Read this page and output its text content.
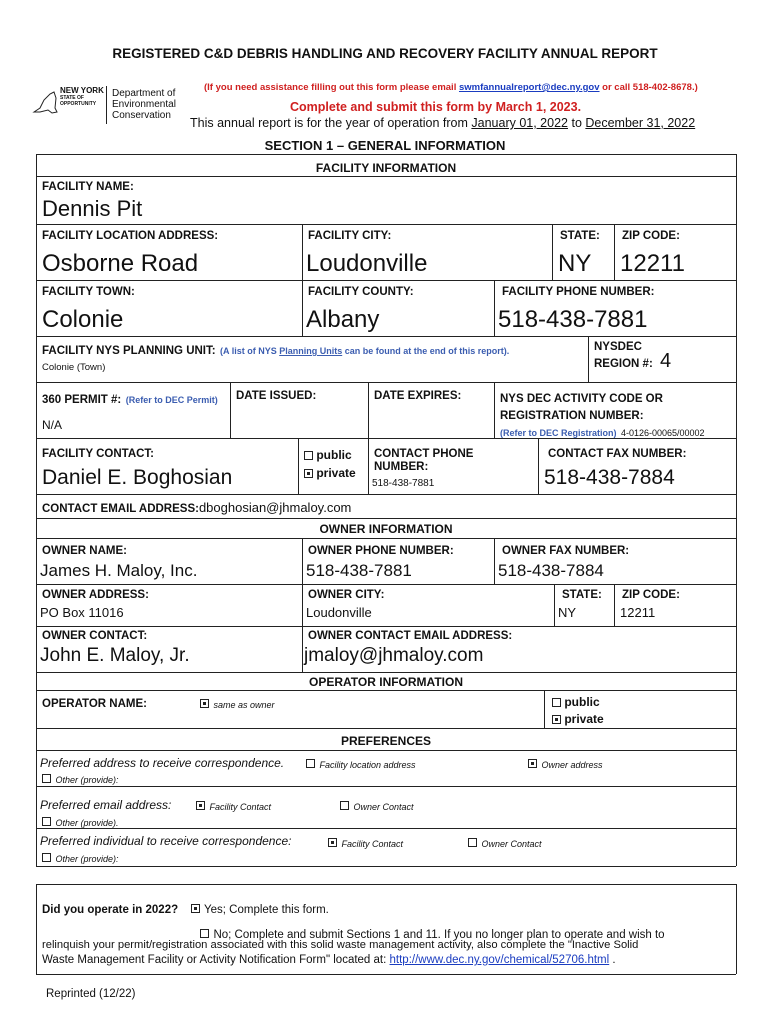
REGISTERED C&D DEBRIS HANDLING AND RECOVERY FACILITY ANNUAL REPORT
NEW YORK
STATE OF
OPPORTUNITY
Department of
Environmental
Conservation
(If you need assistance filling out this form please email swmfannualreport@dec.ny.gov or call 518-402-8678.)
Complete and submit this form by March 1, 2023.
This annual report is for the year of operation from January 01, 2022 to December 31, 2022
SECTION 1 – GENERAL INFORMATION
FACILITY INFORMATION
FACILITY NAME:
Dennis Pit
FACILITY LOCATION ADDRESS:
Osborne Road
FACILITY CITY:
Loudonville
STATE:
NY
ZIP CODE:
12211
FACILITY TOWN:
Colonie
FACILITY COUNTY:
Albany
FACILITY PHONE NUMBER:
518-438-7881
FACILITY NYS PLANNING UNIT: (A list of NYS Planning Units can be found at the end of this report).
Colonie (Town)
NYSDEC
REGION #: 4
360 PERMIT #: (Refer to DEC Permit)
N/A
DATE ISSUED:	DATE EXPIRES:	NYS DEC ACTIVITY CODE OR REGISTRATION NUMBER: (Refer to DEC Registration) 4-0126-00065/00002
FACILITY CONTACT:
Daniel E. Boghosian
public
private
CONTACT PHONE NUMBER:
518-438-7881
CONTACT FAX NUMBER:
518-438-7884
CONTACT EMAIL ADDRESS:dboghosian@jhmaloy.com
OWNER INFORMATION
OWNER NAME:
James H. Maloy, Inc.
OWNER PHONE NUMBER:
518-438-7881
OWNER FAX NUMBER:
518-438-7884
OWNER ADDRESS:
PO Box 11016
OWNER CITY:
Loudonville
STATE:
NY
ZIP CODE:
12211
OWNER CONTACT:
John E. Maloy, Jr.
OWNER CONTACT EMAIL ADDRESS:
jmaloy@jhmaloy.com
OPERATOR INFORMATION
OPERATOR NAME:	same as owner	public
private
PREFERENCES
Preferred address to receive correspondence.	Facility location address	Owner address
Other (provide):
Preferred email address:	Facility Contact	Owner Contact
Other (provide).
Preferred individual to receive correspondence:	Facility Contact	Owner Contact
Other (provide):
Did you operate in 2022? Yes; Complete this form.
No; Complete and submit Sections 1 and 11. If you no longer plan to operate and wish to
relinquish your permit/registration associated with this solid waste management activity, also complete the "Inactive Solid
Waste Management Facility or Activity Notification Form" located at: http://www.dec.ny.gov/chemical/52706.html .
Reprinted (12/22)
